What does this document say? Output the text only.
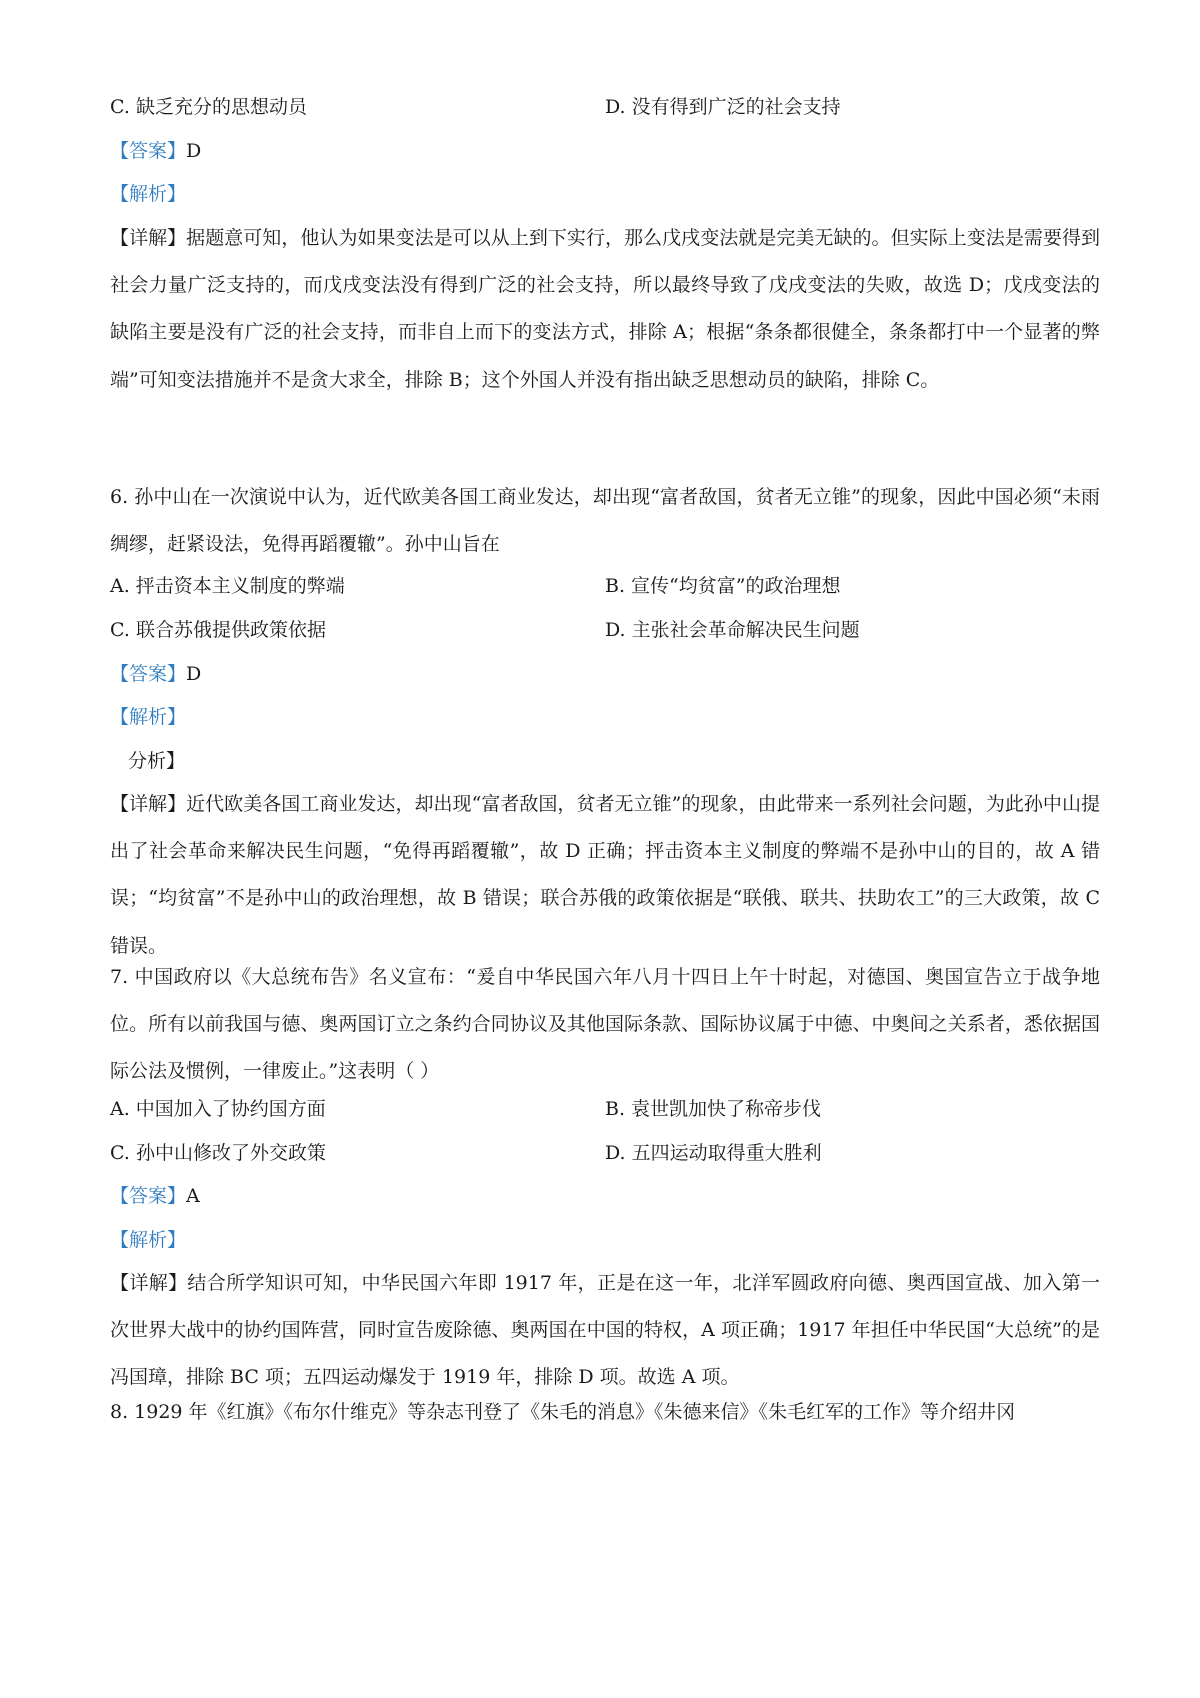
C. 缺乏充分的思想动员	D. 没有得到广泛的社会支持
【答案】D
【解析】
【详解】据题意可知，他认为如果变法是可以从上到下实行，那么戊戌变法就是完美无缺的。但实际上变法是需要得到社会力量广泛支持的，而戊戌变法没有得到广泛的社会支持，所以最终导致了戊戌变法的失败，故选 D；戊戌变法的缺陷主要是没有广泛的社会支持，而非自上而下的变法方式，排除 A；根据“条条都很健全，条条都打中一个显著的弊端”可知变法措施并不是贪大求全，排除 B；这个外国人并没有指出缺乏思想动员的缺陷，排除 C。
6. 孙中山在一次演说中认为，近代欧美各国工商业发达，却出现“富者敌国，贫者无立锥”的现象，因此中国必须“未雨绸缪，赶紧设法，免得再蹈覆辙”。孙中山旨在
A. 抨击资本主义制度的弊端	B. 宣传“均贫富”的政治理想
C. 联合苏俄提供政策依据	D. 主张社会革命解决民生问题
【答案】D
【解析】
分析】
【详解】近代欧美各国工商业发达，却出现“富者敌国，贫者无立锥”的现象，由此带来一系列社会问题，为此孙中山提出了社会革命来解决民生问题，“免得再蹈覆辙”，故 D 正确；抨击资本主义制度的弊端不是孙中山的目的，故 A 错误；“均贫富”不是孙中山的政治理想，故 B 错误；联合苏俄的政策依据是“联俄、联共、扶助农工”的三大政策，故 C 错误。
7. 中国政府以《大总统布告》名义宣布：“爰自中华民国六年八月十四日上午十时起，对德国、奥国宣告立于战争地位。所有以前我国与德、奥两国订立之条约合同协议及其他国际条款、国际协议属于中德、中奥间之关系者，悉依据国际公法及惯例，一律废止。”这表明（ ）
A. 中国加入了协约国方面	B. 袁世凯加快了称帝步伐
C. 孙中山修改了外交政策	D. 五四运动取得重大胜利
【答案】A
【解析】
【详解】结合所学知识可知，中华民国六年即 1917 年，正是在这一年，北洋军圆政府向德、奥西国宣战、加入第一次世界大战中的协约国阵营，同时宣告废除德、奥两国在中国的特权，A 项正确；1917 年担任中华民国“大总统”的是冯国璋，排除 BC 项；五四运动爆发于 1919 年，排除 D 项。故选 A 项。
8. 1929 年《红旗》《布尔什维克》等杂志刊登了《朱毛的消息》《朱德来信》《朱毛红军的工作》等介绍井冈
